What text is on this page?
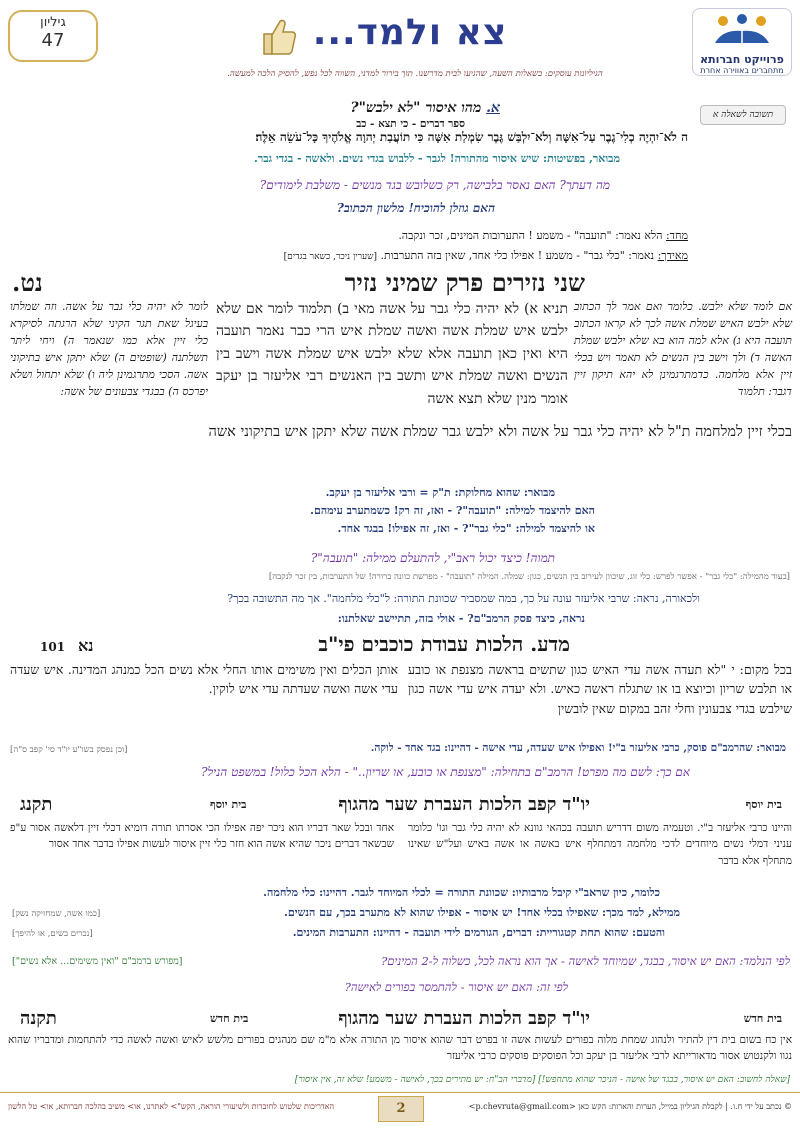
גיליון
47	צא ולמד...
פרוייקט חברותא
מתחברים באווירה אחרת
הגיליונות עוסקים: בשאלות השעה, שהגיעו לבית מדרשנו. תוך בירור למדני, השווה לכל נפש, להסיק הלכה למעשה.
תשובה לשאלה א
א. מהו איסור "לא ילבש"?
ספר דברים - כי תצא - כב
ה לֹא־יִהְיֶה כְלִי־גֶבֶר עַל־אִשָּׁה וְלֹא־יִלְבַּשׁ גֶּבֶר שִׂמְלַת אִשָּׁה כִּי תוֹעֲבַת יְהוָה אֱלֹהֶיךָ כָּל־עֹשֵׂה אֵלֶּה׃
מבואר, בפשיטות: שיש איסור מהתורה! לגבר - ללבוש בגדי נשים. ולאשה - בגדי גבר.
מה דעתך? האם נאסר בלבישה, רק כשלובש בגד מנשים - משלבת לימודים?
האם גוזלן להוכיח! מלשון הכתוב?
מחד: הלא נאמר: "תועבה" - משמע ! התערובות המינים, זכר ונקבה.
מאידך: נאמר: "כלי גבר" - משמע ! אפילו כלי אחד, שאין בזה התערבות. [שערין ניכר, כשאר בגדים]
שני נזירים פרק שמיני נזיר
נט.
אם לומד שלא ילבש. כלומר ואם אמר לך הכתוב שלא ילבש האיש שמלת אשה לכך לא קראו הכתוב תועבה היא ג) אלא למה הוא בא שלא ילבש שמלת האשה ד) ולך וישב בין הנשים לא תאמר ויש בכלי זיין אלא מלחמה. כדמתרגמינן לא יהא תיקון זיין דגבר: תלמוד
תניא א) לא יהיה כלי גבר על אשה מאי ב) תלמוד לומר אם שלא ילבש איש שמלת אשה ואשה שמלת איש הרי כבר נאמר תועבה היא ואין כאן תועבה אלא שלא ילבש איש שמלת אשה וישב בין הנשים ואשה שמלת איש ותשב בין האנשים רבי אליעזר בן יעקב אומר מנין שלא תצא אשה
לומר לא יהיה כלי גבר על אשה. וזה שמלתו בעיגל שאת תגר הקיני שלא הרגתה לסיקרא כלי זיין אלא כמו שנאמר ה) ויחי ליתר תשלתנה (שופטים ה) שלא יתקן איש בתיקוני אשה. הסכי מתרגמינן ליה ו) שלא יתחול ושלא יפרכס ה) בבגדי צבעונים של אשה:
בכלי זיין למלחמה ת"ל לא יהיה כלי גבר על אשה ולא ילבש גבר שמלת אשה שלא יתקן איש בתיקוני אשה
מבואר: שהוא מחלוקת: ת"ק = ורבי אליעזר בן יעקב.
האם להיצמד למילה: "תועבה"? - ואז, זה רק! כשמתערב עימהם.
או להיצמד למילה: "כלי גבר"? - ואז, זה אפילו! בבגד אחד.
תמוה! כיצד יכול ראב"י, להתעלם ממילה: "תועבה"?
[בעוד מהמילה: "כלי גבר" - אפשר לפרש: כלי זוג, שיכוון לעירוב בין הנשים, כגון: שמלה. המילה "תועבה" - מפרשת כוונה ברורה! של התערבות, בין זכר לנקבה]
ולכאורה, נראה: שרבי אליעזר עונה על כך, במה שמסביר שכוונת התורה: ל"כלי מלחמה". אך מה התשובה בכך?
נראה, כיצד פסק הרמב"ם? - אולי בזה, תתיישב שאלתנו:
מדע. הלכות עבודת כוכבים פי"ב
נא
101
בכל מקום: י "לא תעדה אשה עדי האיש כגון שתשים בראשה מצנפת או כובע או תלבש שריון וכיוצא בו או שתגלח ראשה כאיש. ולא יעדה איש עדי אשה כגון שילבש בגדי צבעונין וחלי זהב במקום שאין לובשין
אותן הכלים ואין משימים אותו החלי אלא נשים הכל כמנהג המדינה. איש שעדה עדי אשה ואשה שעדתה עדי איש לוקין.
מבואר: שהרמב"ם פוסק, כרבי אליעזר ב"י! ואפילו איש שעדה, עדי אישה - דהיינו: בגד אחד - לוקה.
[וכן נפסק בשו"ע יו"ד סי' קפב ס"ה]
אם כך: לשם מה מפרט! הרמב"ם בתחילה: "מצנפת או כובע, או שריון.." - הלא הכל כלול! במשפט הניל?
בית יוסף
יו"ד קפב הלכות העברת שער מהגוף
בית יוסף
תקנג
והיינו כרבי אליעזר ב"י. וטעמיה משום דדריש תועבה בכהאי גוונא לא יהיה כלי גבר וגו' כלומר עניני דמלי נשים מיוחדים לדכי מלחמה דמתחלף איש באשה או אשה באיש ועל"ש שאינו מתחלף אלא בדבר
אחד ובכל שאר דבריו הוא ניכר יפה אפילו הכי אסרתו תורה דומיא דכלי זיין דלאשה אסור ע"פ שבשאר דברים ניכר שהיא אשה הוא חזר כלי זיין איסור לעשות אפילו בדבר אחד אסור
כלומר, כיון שראב"י קיבל מרבותיו: שכוונת התורה = לכלי המיוחד לגבר. דהיינו: כלי מלחמה.
ממילא, למד מכך: שאפילו בכלי אחד! יש איסור - אפילו שהוא לא מתערב בכך, עם הנשים.
[כמו אשה, שמחזיקה נשק]
והטעם: שהוא תחת קטגוריית: דברים, הגורמים לידי תועבה - דהיינו: התערבות המינים.
[נכרים בשים, או להיפך]
[מפורש ברמב"ם "ואין משימים... אלא נשים"]	לפי הנלמד: האם יש איסור, בבגד, שמיוחד לאישה - אך הוא נראה לכל, כשלוה ל-2 המינים?
לפי זה: האם יש איסור - להתמסר בפורים לאישה?
בית חדש
יו"ד קפב הלכות העברת שער מהגוף
בית חדש
תקנה
אין כח בשום בית דין להתיר ולנהוג שמחת מלוה בפורים לעשות אשה זו בפרט דבר שהוא איסור מן התורה אלא מ"מ שם מנהגים בפורים מלשש לאיש ואשה לאשה כדי להתחמות ומדבריו שהוא נגוו ולקנטוש אסור מדאורייתא לרבי אליעזר בן יעקב וכל הפוסקים פוסקים כרבי אליעזר
[שאלה לחשוב: האם יש איסור, בבגד של אישה - הניכר שהוא מתחפש!] [מדברי הב"ח: יש מתירים בכך, לאישה - משמע! שלא זה, אין איסור]
2	© נכתב על ידי ח.ו. | לקבלת הגיליון במייל, הערות והארות: הקש כאן <p.chevruta@gmail.com>
האדריכות שלטוש לחוברות ולשיעורי הוראה, הקש"> לאתרנו, או> משיב בהלכה חברותא, או> טל הלשון
